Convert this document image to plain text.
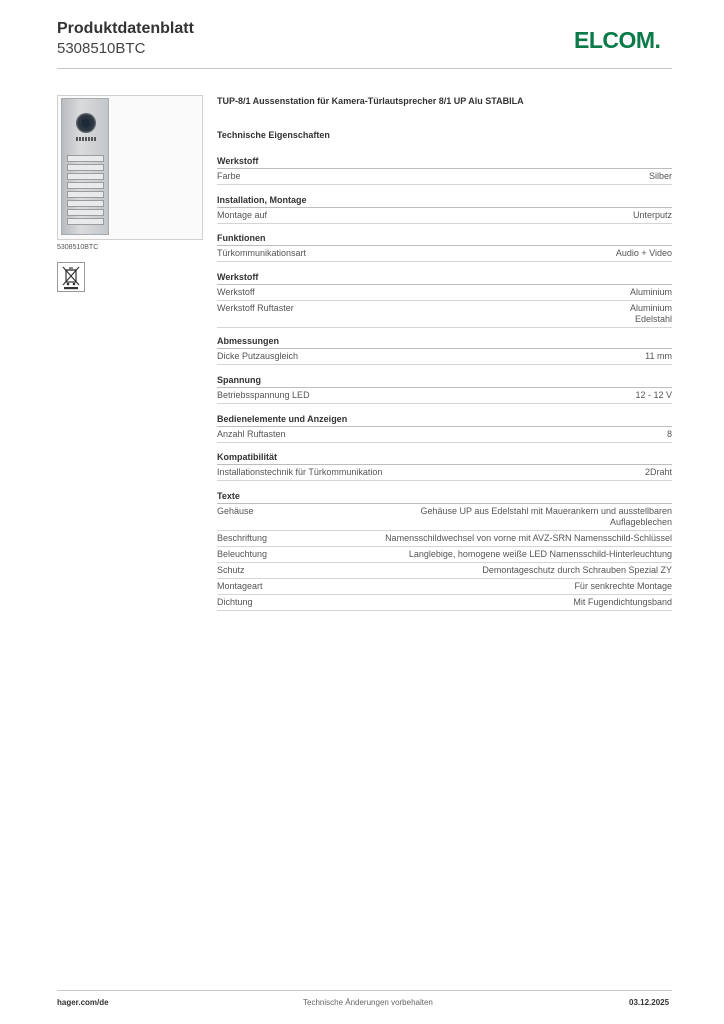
Produktdatenblatt
5308510BTC	ELCOM.
5308510BTC
TUP-8/1 Aussenstation für Kamera-Türlautsprecher 8/1 UP Alu STABILA
Technische Eigenschaften
Werkstoff
Farbe	Silber
Installation, Montage
Montage auf	Unterputz
Funktionen
Türkommunikationsart	Audio + Video
Werkstoff
Werkstoff	Aluminium
Werkstoff Ruftaster	Aluminium
Edelstahl
Abmessungen
Dicke Putzausgleich	11 mm
Spannung
Betriebsspannung LED	12 - 12 V
Bedienelemente und Anzeigen
Anzahl Ruftasten	8
Kompatibilität
Installationstechnik für Türkommunikation	2Draht
Texte
Gehäuse	Gehäuse UP aus Edelstahl mit Mauerankern und ausstellbaren Auflageblechen
Beschriftung	Namensschildwechsel von vorne mit AVZ-SRN Namensschild-Schlüssel
Beleuchtung	Langlebige, homogene weiße LED Namensschild-Hinterleuchtung
Schutz	Demontageschutz durch Schrauben Spezial ZY
Montageart	Für senkrechte Montage
Dichtung	Mit Fugendichtungsband
hager.com/de	Technische Änderungen vorbehalten	03.12.2025
